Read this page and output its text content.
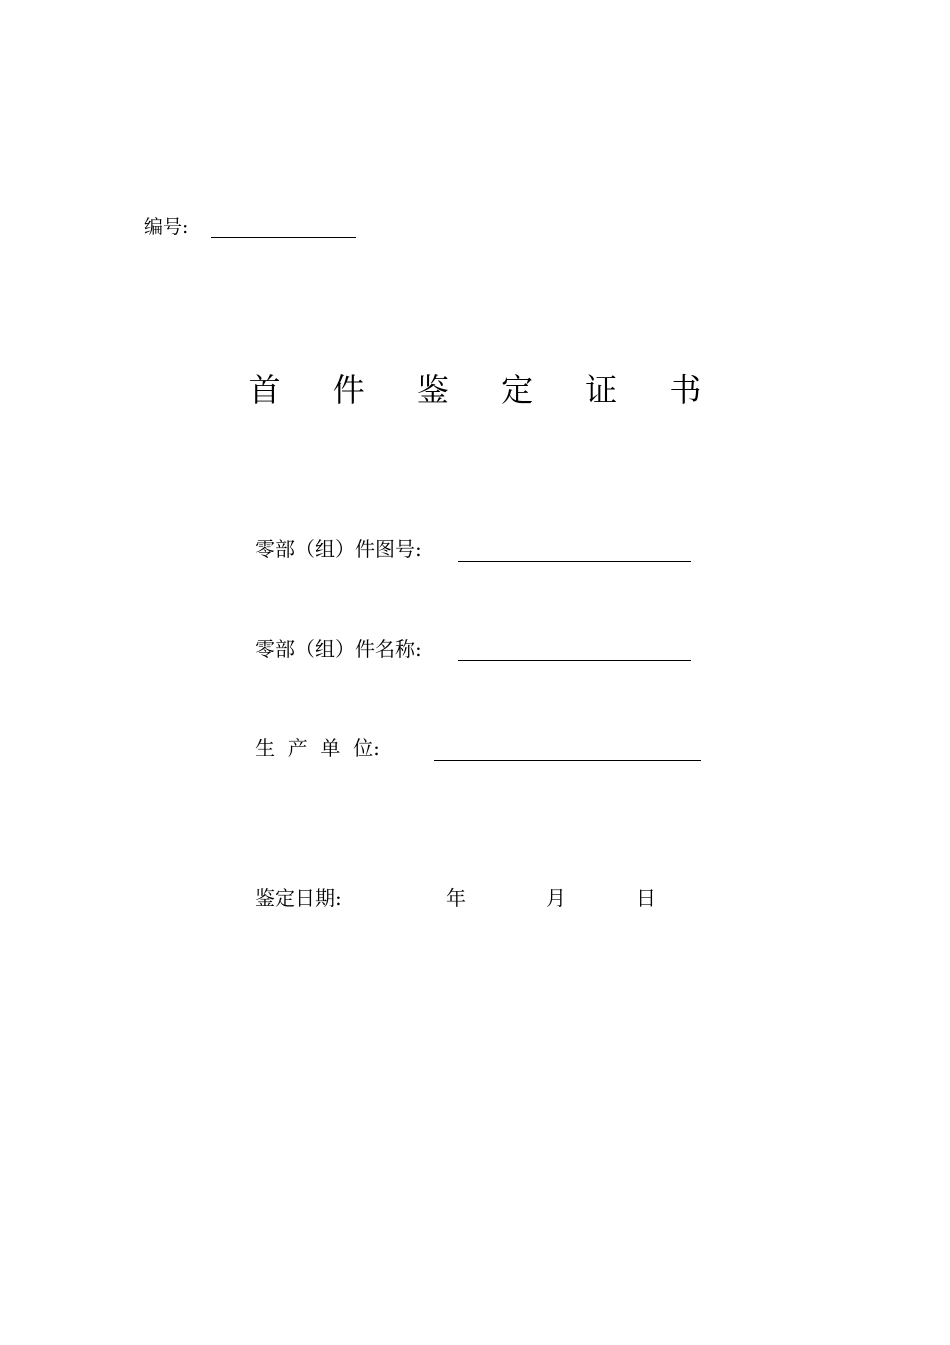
编号:
首 件 鉴 定 证 书
零部（组）件图号:
零部（组）件名称:
生  产  单  位:
鉴定日期:	年	月	日
